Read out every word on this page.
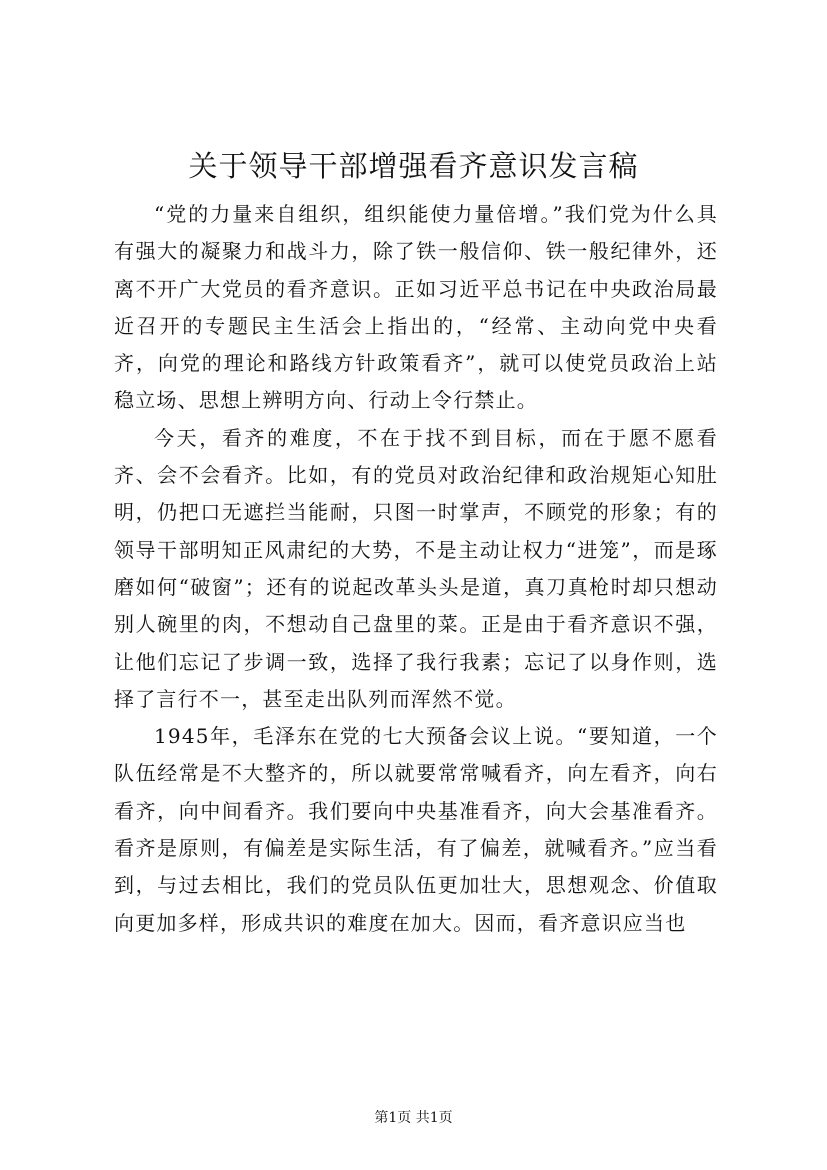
关于领导干部增强看齐意识发言稿

“党的力量来自组织，组织能使力量倍增。”我们党为什么具有强大的凝聚力和战斗力，除了铁一般信仰、铁一般纪律外，还离不开广大党员的看齐意识。正如习近平总书记在中央政治局最近召开的专题民主生活会上指出的，“经常、主动向党中央看齐，向党的理论和路线方针政策看齐”，就可以使党员政治上站稳立场、思想上辨明方向、行动上令行禁止。

今天，看齐的难度，不在于找不到目标，而在于愿不愿看齐、会不会看齐。比如，有的党员对政治纪律和政治规矩心知肚明，仍把口无遮拦当能耐，只图一时掌声，不顾党的形象；有的领导干部明知正风肃纪的大势，不是主动让权力“进笼”，而是琢磨如何“破窗”；还有的说起改革头头是道，真刀真枪时却只想动别人碗里的肉，不想动自己盘里的菜。正是由于看齐意识不强，让他们忘记了步调一致，选择了我行我素；忘记了以身作则，选择了言行不一，甚至走出队列而浑然不觉。

1945年，毛泽东在党的七大预备会议上说。“要知道，一个队伍经常是不大整齐的，所以就要常常喊看齐，向左看齐，向右看齐，向中间看齐。我们要向中央基准看齐，向大会基准看齐。看齐是原则，有偏差是实际生活，有了偏差，就喊看齐。”应当看到，与过去相比，我们的党员队伍更加壮大，思想观念、价值取向更加多样，形成共识的难度在加大。因而，看齐意识应当也

第1页 共1页
